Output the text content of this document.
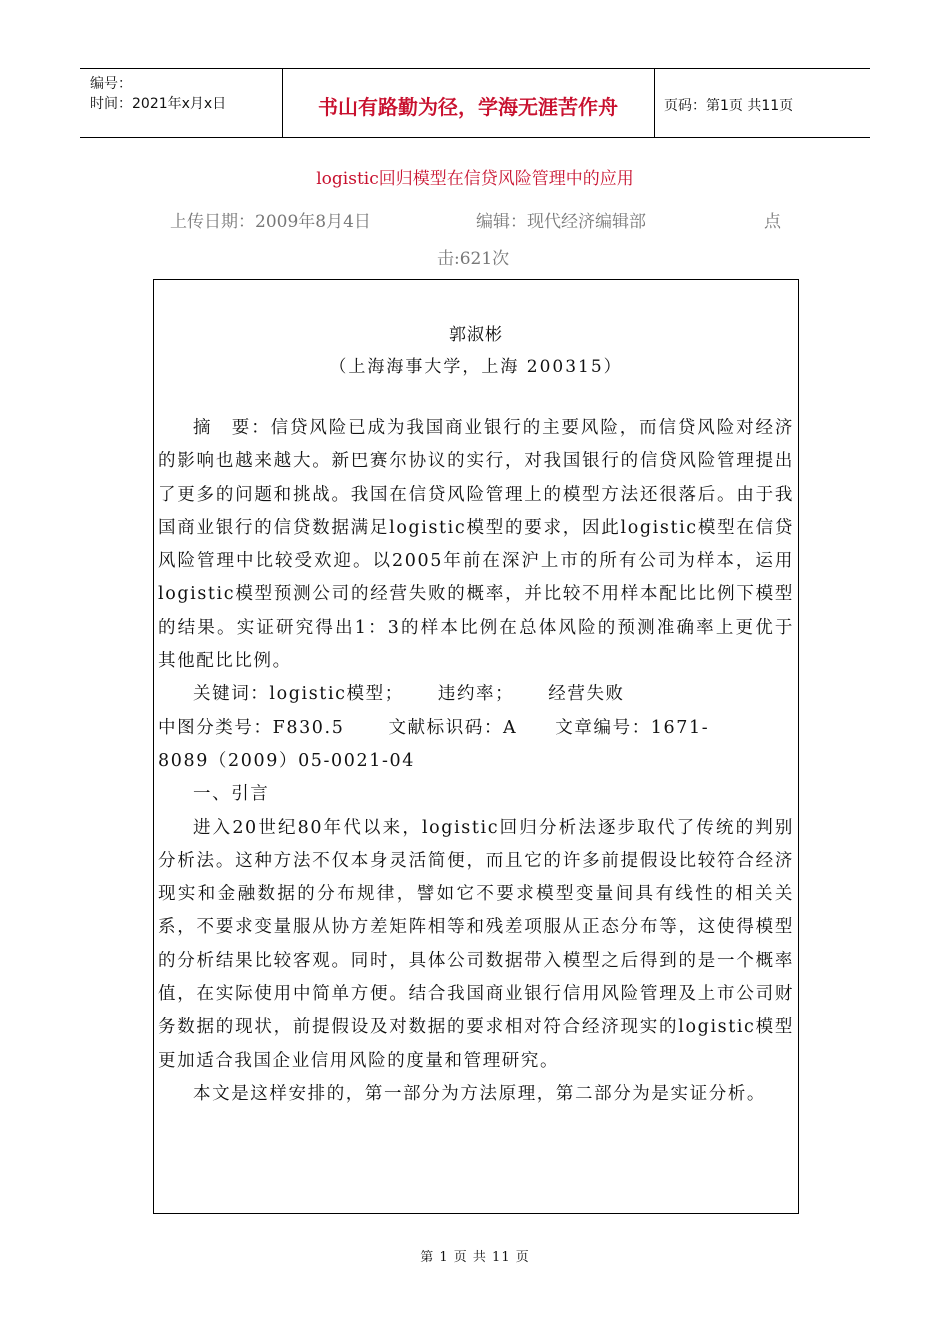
编号：
时间：2021年x月x日	书山有路勤为径，学海无涯苦作舟	页码：第1页 共11页
logistic回归模型在信贷风险管理中的应用
上传日期：2009年8月4日	编辑：现代经济编辑部	点
击:621次
郭淑彬
（上海海事大学，上海 200315）

摘　要：信贷风险已成为我国商业银行的主要风险，而信贷风险对经济的影响也越来越大。新巴赛尔协议的实行，对我国银行的信贷风险管理提出了更多的问题和挑战。我国在信贷风险管理上的模型方法还很落后。由于我国商业银行的信贷数据满足logistic模型的要求，因此logistic模型在信贷风险管理中比较受欢迎。以2005年前在深沪上市的所有公司为样本，运用logistic模型预测公司的经营失败的概率，并比较不用样本配比比例下模型的结果。实证研究得出1：3的样本比例在总体风险的预测准确率上更优于其他配比比例。

关键词：logistic模型； 违约率； 经营失败
中图分类号：F830.5	文献标识码：A 文章编号：1671-
8089（2009）05-0021-04
一、引言

进入20世纪80年代以来，logistic回归分析法逐步取代了传统的判别分析法。这种方法不仅本身灵活简便，而且它的许多前提假设比较符合经济现实和金融数据的分布规律，譬如它不要求模型变量间具有线性的相关关系，不要求变量服从协方差矩阵相等和残差项服从正态分布等，这使得模型的分析结果比较客观。同时，具体公司数据带入模型之后得到的是一个概率值，在实际使用中简单方便。结合我国商业银行信用风险管理及上市公司财务数据的现状，前提假设及对数据的要求相对符合经济现实的logistic模型更加适合我国企业信用风险的度量和管理研究。

本文是这样安排的，第一部分为方法原理，第二部分为是实证分析。

第 1 页 共 11 页
